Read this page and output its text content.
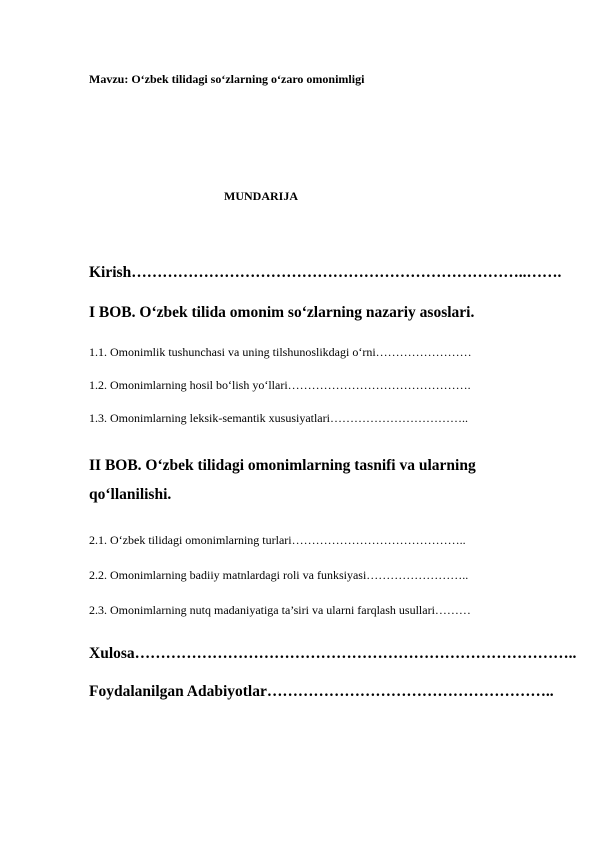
Mavzu: O‘zbek tilidagi so‘zlarning o‘zaro omonimligi
MUNDARIJA
Kirish…………………………………………………………………..…….
I BOB. O‘zbek tilida omonim so‘zlarning nazariy asoslari.
1.1. Omonimlik tushunchasi va uning tilshunoslikdagi o‘rni……………………
1.2. Omonimlarning hosil bo‘lish yo‘llari……………………………………….
1.3. Omonimlarning leksik-semantik xususiyatlari……………………………..
II BOB. O‘zbek tilidagi omonimlarning tasnifi va ularning
qo‘llanilishi.
2.1. O‘zbek tilidagi omonimlarning turlari……………………………………..
2.2. Omonimlarning badiiy matnlardagi roli va funksiyasi……………………..
2.3. Omonimlarning nutq madaniyatiga ta’siri va ularni farqlash usullari………
Xulosa…………………………………………………………………………..
Foydalanilgan Adabiyotlar………………………………………………..
